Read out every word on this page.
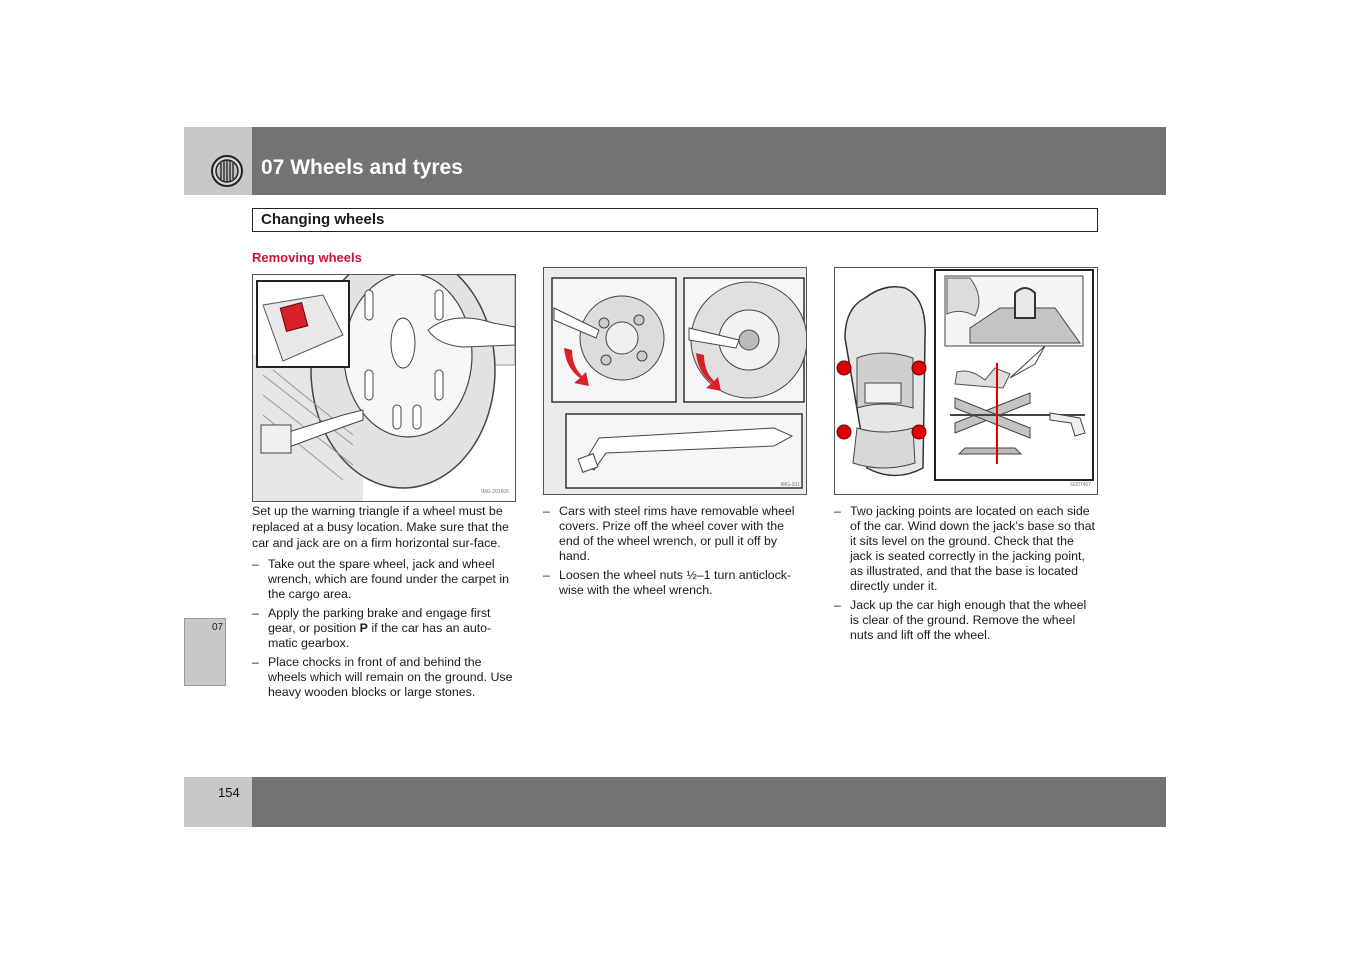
07 Wheels and tyres
Changing wheels
Removing wheels
IMG-201505
IMG-201	G007467
Set up the warning triangle if a wheel must be replaced at a busy location. Make sure that the car and jack are on a firm horizontal sur-face.
– Take out the spare wheel, jack and wheel wrench, which are found under the carpet in the cargo area.
– Apply the parking brake and engage first gear, or position P if the car has an auto-matic gearbox.
– Place chocks in front of and behind the wheels which will remain on the ground. Use heavy wooden blocks or large stones.
– Cars with steel rims have removable wheel covers. Prize off the wheel cover with the end of the wheel wrench, or pull it off by hand.
– Loosen the wheel nuts ½–1 turn anticlock-wise with the wheel wrench.
– Two jacking points are located on each side of the car. Wind down the jack’s base so that it sits level on the ground. Check that the jack is seated correctly in the jacking point, as illustrated, and that the base is located directly under it.
– Jack up the car high enough that the wheel is clear of the ground. Remove the wheel nuts and lift off the wheel.
07
154
